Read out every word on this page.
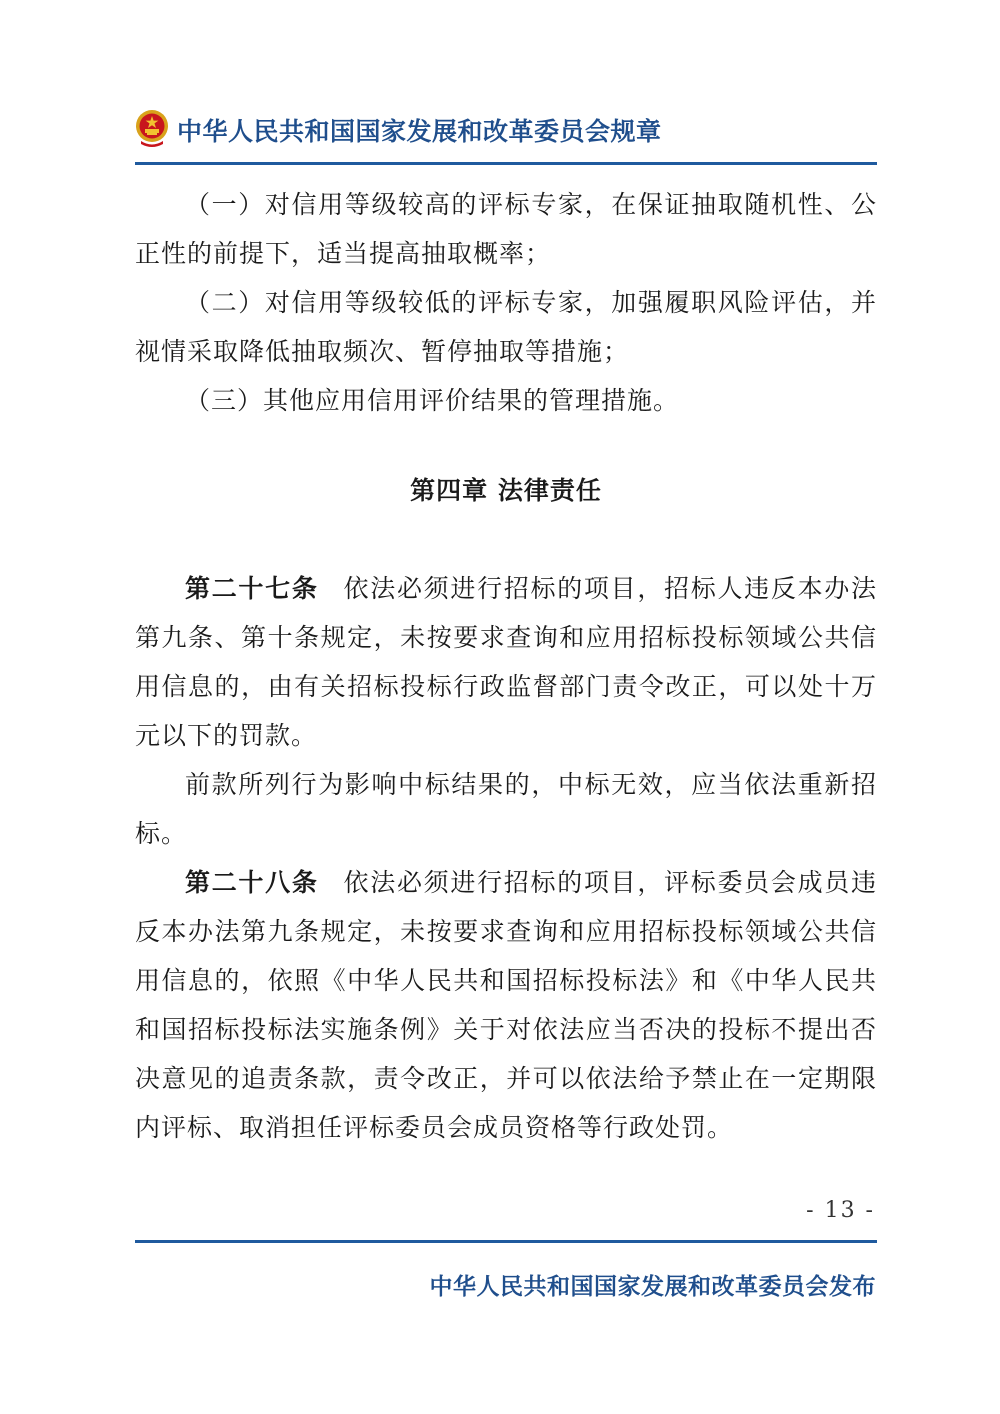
中华人民共和国国家发展和改革委员会规章

（一）对信用等级较高的评标专家，在保证抽取随机性、公正性的前提下，适当提高抽取概率；

（二）对信用等级较低的评标专家，加强履职风险评估，并视情采取降低抽取频次、暂停抽取等措施；

（三）其他应用信用评价结果的管理措施。

第四章 法律责任

第二十七条 依法必须进行招标的项目，招标人违反本办法第九条、第十条规定，未按要求查询和应用招标投标领域公共信用信息的，由有关招标投标行政监督部门责令改正，可以处十万元以下的罚款。

前款所列行为影响中标结果的，中标无效，应当依法重新招标。

第二十八条 依法必须进行招标的项目，评标委员会成员违反本办法第九条规定，未按要求查询和应用招标投标领域公共信用信息的，依照《中华人民共和国招标投标法》和《中华人民共和国招标投标法实施条例》关于对依法应当否决的投标不提出否决意见的追责条款，责令改正，并可以依法给予禁止在一定期限内评标、取消担任评标委员会成员资格等行政处罚。

- 13 -
中华人民共和国国家发展和改革委员会发布
